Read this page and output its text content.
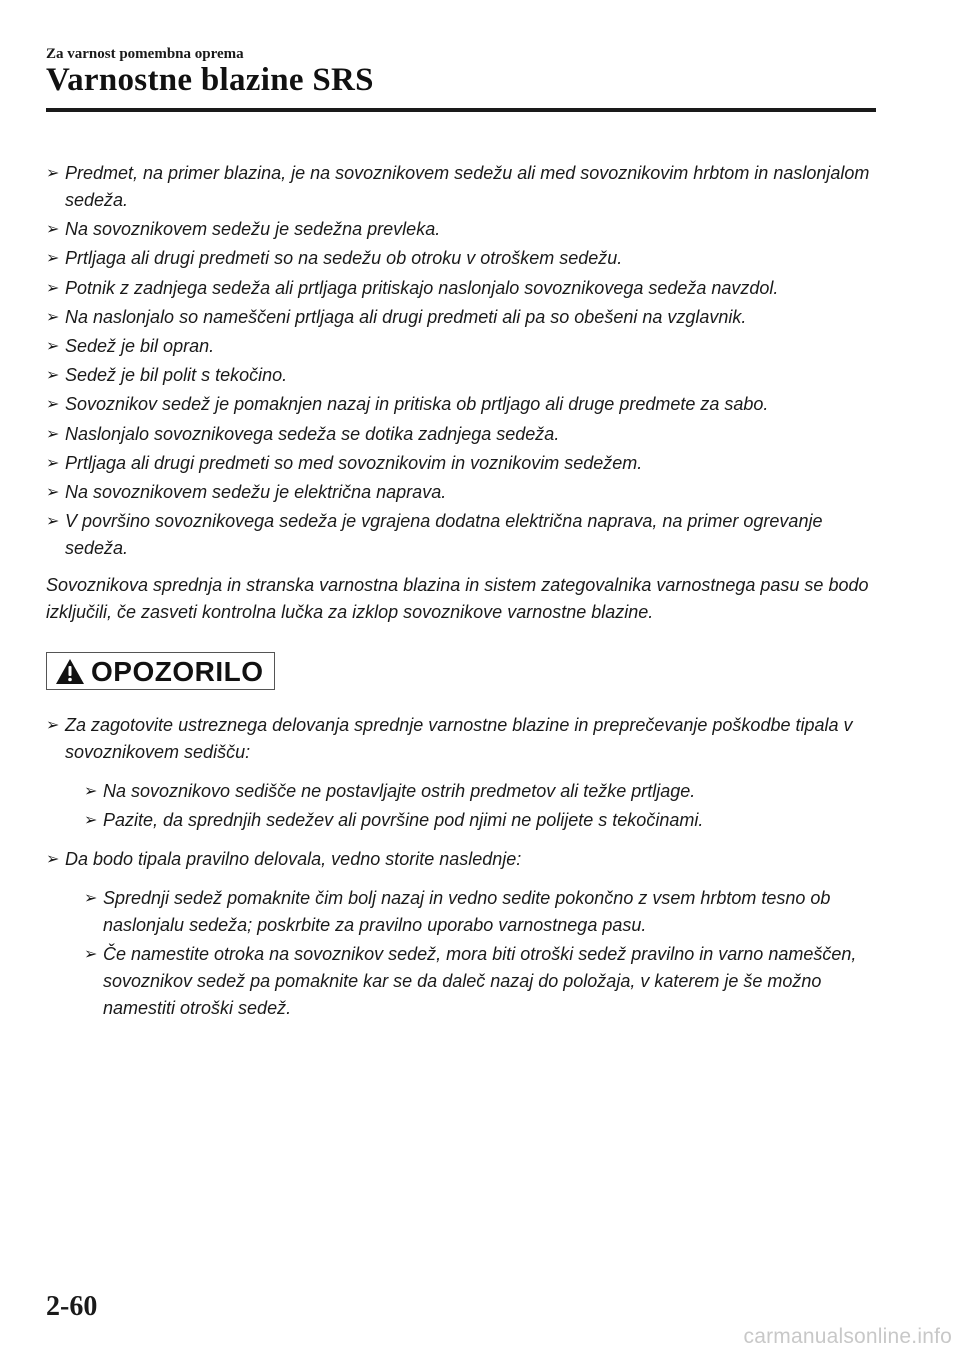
Za varnost pomembna oprema
Varnostne blazine SRS
➢ Predmet, na primer blazina, je na sovoznikovem sedežu ali med sovoznikovim hrbtom in naslonjalom sedeža.
➢ Na sovoznikovem sedežu je sedežna prevleka.
➢ Prtljaga ali drugi predmeti so na sedežu ob otroku v otroškem sedežu.
➢ Potnik z zadnjega sedeža ali prtljaga pritiskajo naslonjalo sovoznikovega sedeža navzdol.
➢ Na naslonjalo so nameščeni prtljaga ali drugi predmeti ali pa so obešeni na vzglavnik.
➢ Sedež je bil opran.
➢ Sedež je bil polit s tekočino.
➢ Sovoznikov sedež je pomaknjen nazaj in pritiska ob prtljago ali druge predmete za sabo.
➢ Naslonjalo sovoznikovega sedeža se dotika zadnjega sedeža.
➢ Prtljaga ali drugi predmeti so med sovoznikovim in voznikovim sedežem.
➢ Na sovoznikovem sedežu je električna naprava.
➢ V površino sovoznikovega sedeža je vgrajena dodatna električna naprava, na primer ogrevanje sedeža.

Sovoznikova sprednja in stranska varnostna blazina in sistem zategovalnika varnostnega pasu se bodo izključili, če zasveti kontrolna lučka za izklop sovoznikove varnostne blazine.

OPOZORILO
➢ Za zagotovite ustreznega delovanja sprednje varnostne blazine in preprečevanje poškodbe tipala v sovoznikovem sedišču:
➢ Na sovoznikovo sedišče ne postavljajte ostrih predmetov ali težke prtljage.
➢ Pazite, da sprednjih sedežev ali površine pod njimi ne polijete s tekočinami.
➢ Da bodo tipala pravilno delovala, vedno storite naslednje:
➢ Sprednji sedež pomaknite čim bolj nazaj in vedno sedite pokončno z vsem hrbtom tesno ob naslonjalu sedeža; poskrbite za pravilno uporabo varnostnega pasu.
➢ Če namestite otroka na sovoznikov sedež, mora biti otroški sedež pravilno in varno nameščen, sovoznikov sedež pa pomaknite kar se da daleč nazaj do položaja, v katerem je še možno namestiti otroški sedež.
2-60
carmanualsonline.info
